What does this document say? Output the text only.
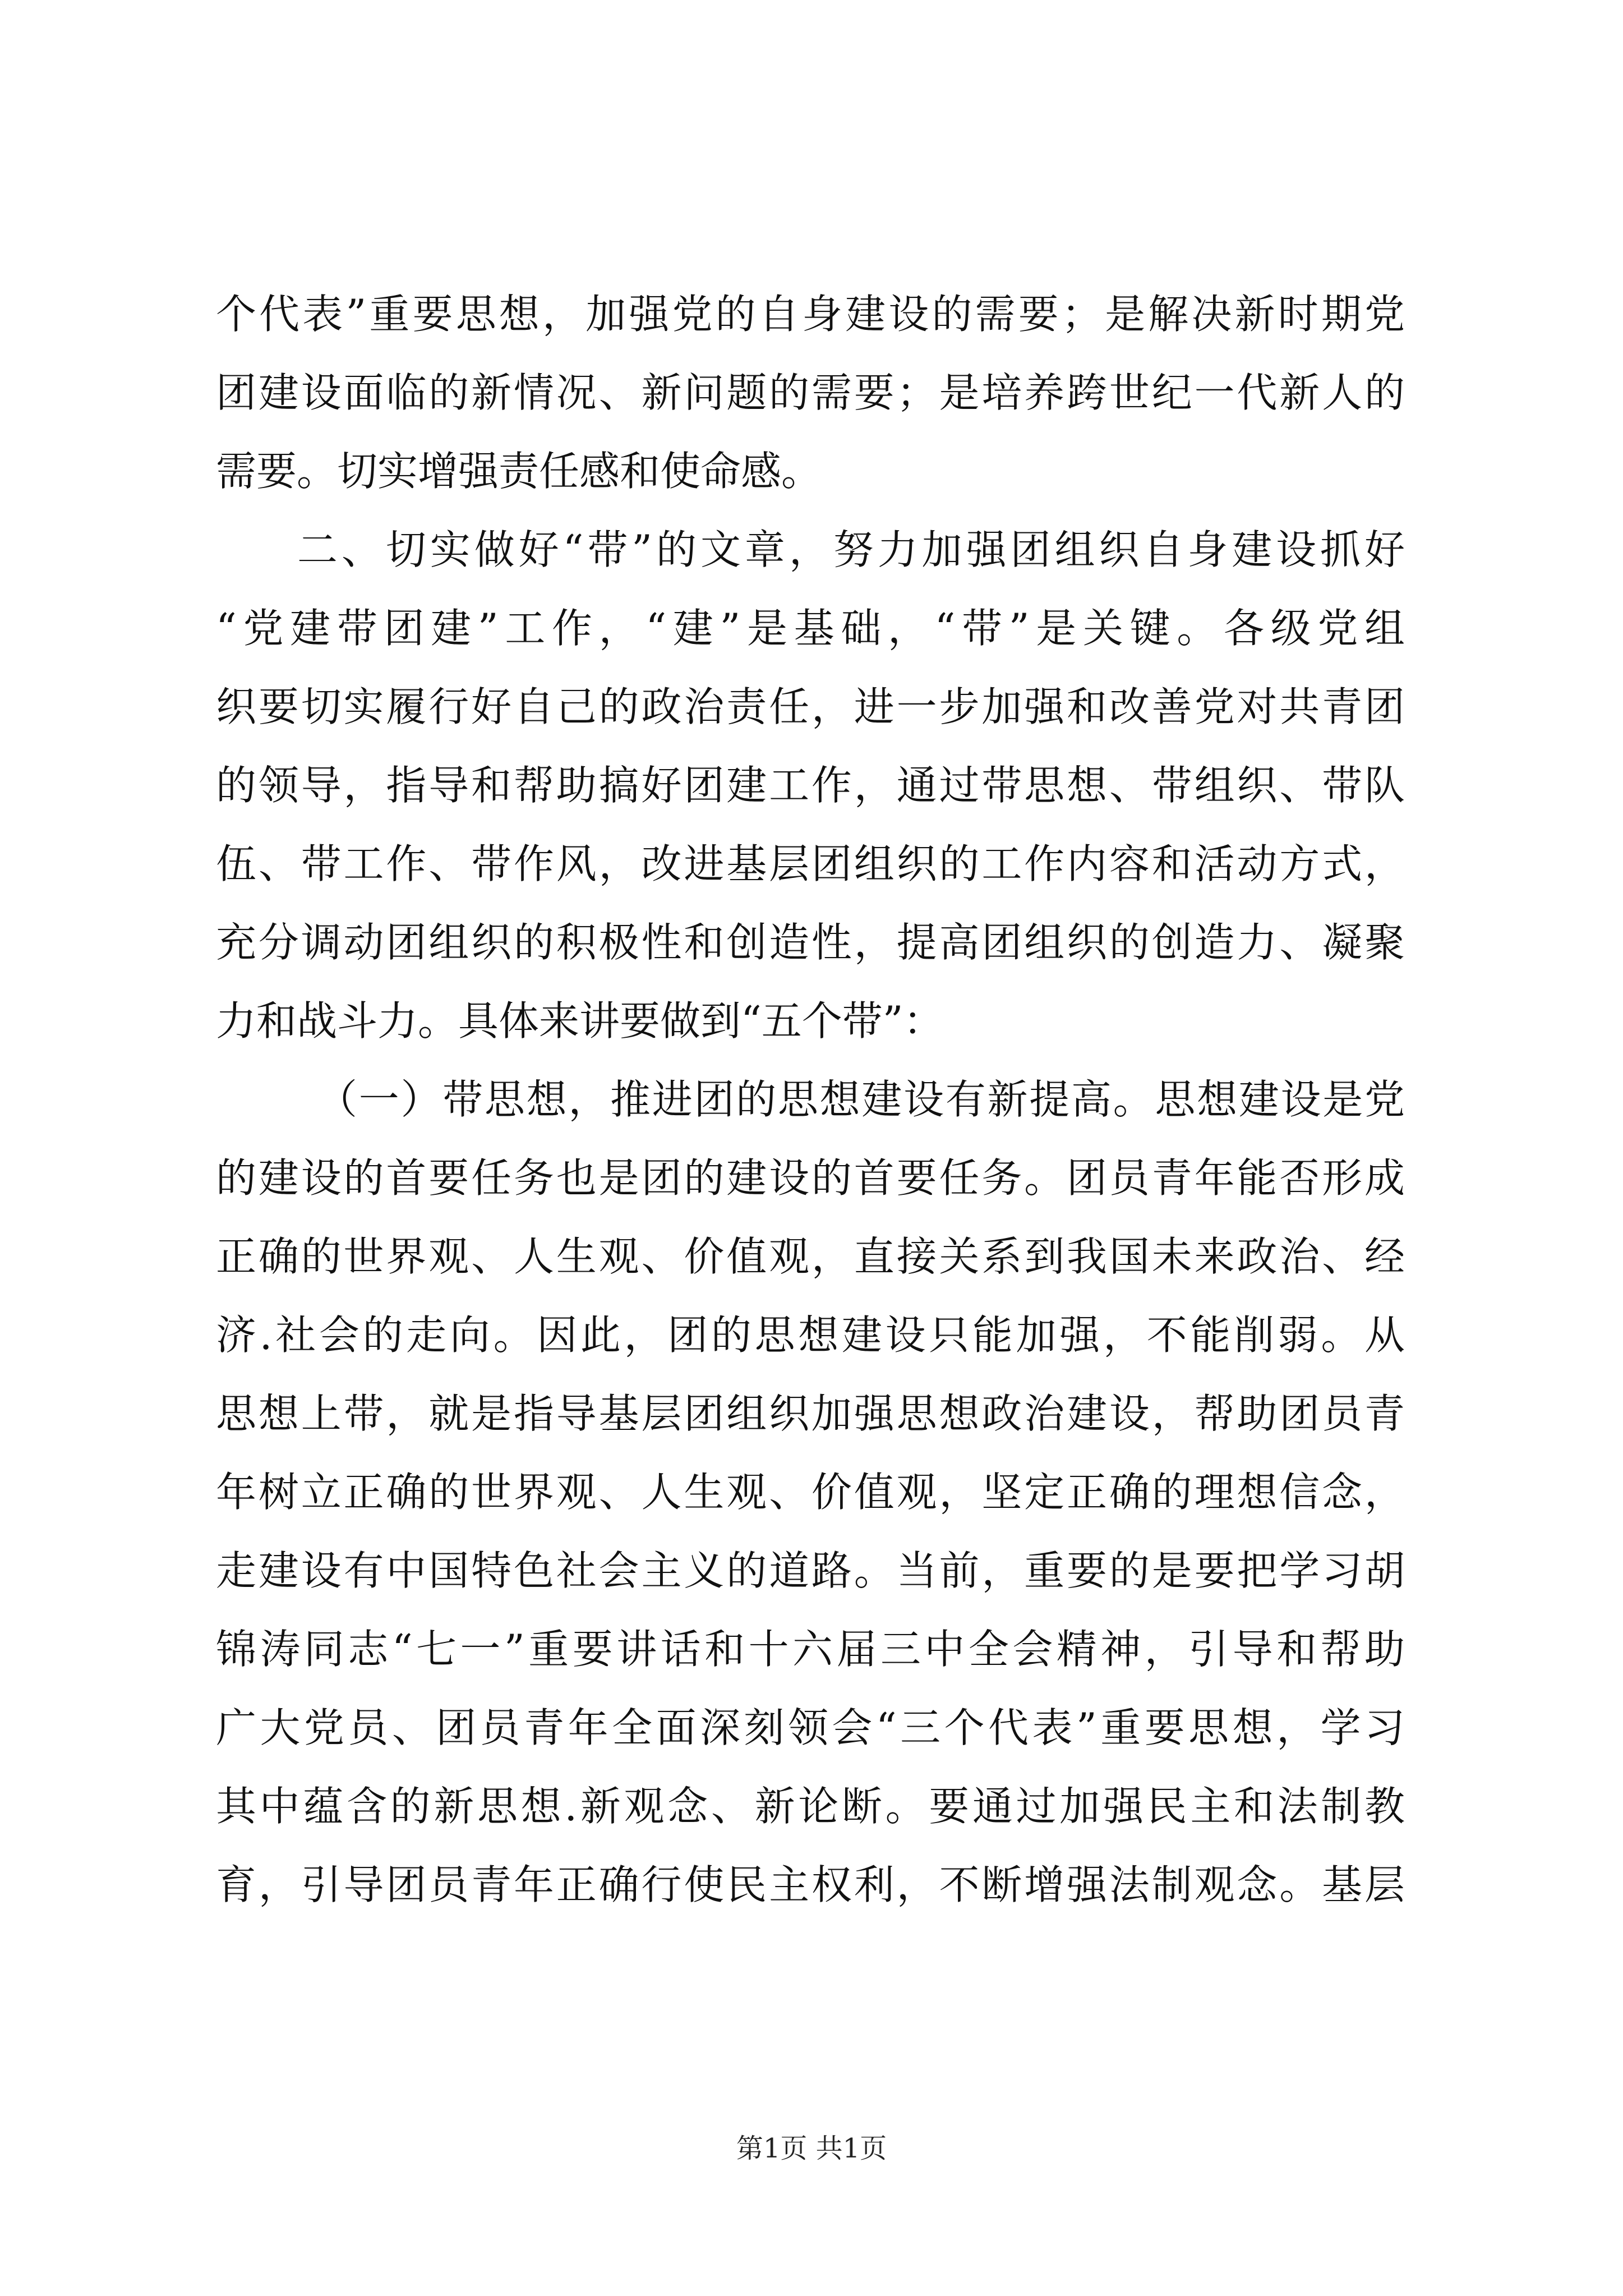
个代表”重要思想，加强党的自身建设的需要；是解决新时期党
团建设面临的新情况、新问题的需要；是培养跨世纪一代新人的
需要。切实增强责任感和使命感。
二、切实做好“带”的文章，努力加强团组织自身建设抓好
“党建带团建”工作，“建”是基础，“带”是关键。各级党组
织要切实履行好自己的政治责任，进一步加强和改善党对共青团
的领导，指导和帮助搞好团建工作，通过带思想、带组织、带队
伍、带工作、带作风，改进基层团组织的工作内容和活动方式，
充分调动团组织的积极性和创造性，提高团组织的创造力、凝聚
力和战斗力。具体来讲要做到“五个带”：
（一）带思想，推进团的思想建设有新提高。思想建设是党
的建设的首要任务也是团的建设的首要任务。团员青年能否形成
正确的世界观、人生观、价值观，直接关系到我国未来政治、经
济.社会的走向。因此，团的思想建设只能加强，不能削弱。从
思想上带，就是指导基层团组织加强思想政治建设，帮助团员青
年树立正确的世界观、人生观、价值观，坚定正确的理想信念，
走建设有中国特色社会主义的道路。当前，重要的是要把学习胡
锦涛同志“七一”重要讲话和十六届三中全会精神，引导和帮助
广大党员、团员青年全面深刻领会“三个代表”重要思想，学习
其中蕴含的新思想.新观念、新论断。要通过加强民主和法制教
育，引导团员青年正确行使民主权利，不断增强法制观念。基层
第1页 共1页
